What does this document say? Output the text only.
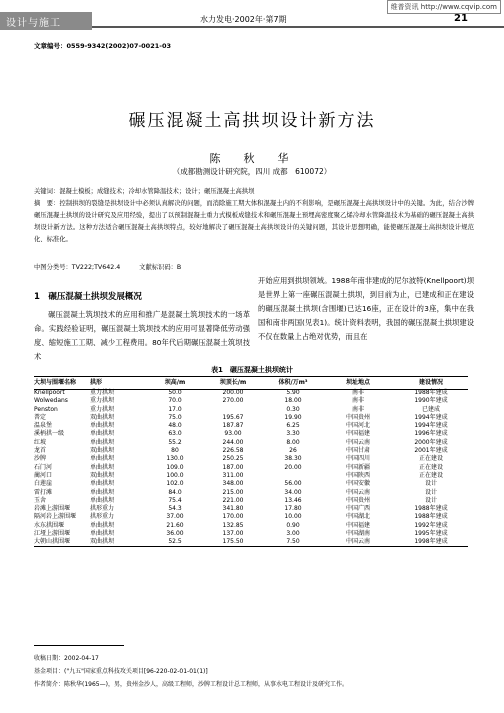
维普资讯 http://www.cqvip.com
设计与施工	水力发电·2002年·第7期	21
文章编号：0559-9342(2002)07-0021-03
碾压混凝土高拱坝设计新方法
陈　秋　华
（成都勘测设计研究院，四川 成都　610072）
关键词：混凝土模板；成缝技术；冷却水管降温技术；设计；碾压混凝土高拱坝
摘　要：控制拱坝的裂缝是拱坝设计中必须认真解决的问题，而消除施工期大体积混凝土内的不利影响，是碾压混凝土高拱坝设计中的关键。为此，结合沙牌碾压混凝土拱坝的设计研究及应用经验，提出了以预制混凝土重力式模板成缝技术和碾压混凝土预埋高密度聚乙烯冷却水管降温技术为基础的碾压混凝土高拱坝设计新方法。这种方法适合碾压混凝土高拱坝特点，较好地解决了碾压混凝土高拱坝设计的关键问题，其设计思想明确，能使碾压混凝土高拱坝设计规范化、标准化。
中图分类号：TV222;TV642.4　　　文献标识码：B
1　碾压混凝土拱坝发展概况
碾压混凝土筑坝技术的应用和推广是混凝土筑坝技术的一场革命。实践经验证明，碾压混凝土筑坝技术的应用可显著降低劳动强度、缩短施工工期、减少工程费用。80年代后期碾压混凝土筑坝技术
开始应用到拱坝领域。1988年南非建成的尼尔波特(Knellpoort)坝是世界上第一座碾压混凝土拱坝，到目前为止，已建成和正在建设的碾压混凝土拱坝(含围堰)已达16座，正在设计的3座，集中在我国和南非两国(见表1)。统计资料表明，我国的碾压混凝土拱坝建设不仅在数量上占绝对优势，而且在
表1　碾压混凝土拱坝统计
大坝与围堰名称	拱形	坝高/m	坝顶长/m	体积/万m³	坝址地点	建设情况
Knellpoort	重力拱坝	50.0	200.00	5.90	南非	1988年建成
Wolwedans	重力拱坝	70.0	270.00	18.00	南非	1990年建成
Penston	重力拱坝	17.0		0.30	南非	已建成
普定	双曲拱坝	75.0	195.67	19.90	中国贵州	1994年建成
温泉堡	单曲拱坝	48.0	187.87	6.25	中国河北	1994年建成
溪柄拱一级	单曲拱坝	63.0	93.00	3.30	中国福建	1996年建成
红坡	单曲拱坝	55.2	244.00	8.00	中国云南	2000年建成
龙首	双曲拱坝	80	226.58	26	中国甘肃	2001年建成
沙牌	单曲拱坝	130.0	250.25	38.30	中国四川	正在建设
石门河	单曲拱坝	109.0	187.00	20.00	中国新疆	正在建设
蔺河口	双曲拱坝	100.0	311.00		中国陕西	正在建设
白莲崖	单曲拱坝	102.0	348.00	56.00	中国安徽	设计
雷打滩	单曲拱坝	84.0	215.00	34.00	中国云南	设计
玉舍	单曲拱坝	75.4	221.00	13.46	中国贵州	设计
岩滩上游围堰	拱形重力	54.3	341.80	17.80	中国广西	1988年建成
隔河岩上游围堰	拱形重力	37.00	170.00	10.00	中国湖北	1988年建成
水东拱围堰	单曲拱坝	21.60	132.85	0.90	中国福建	1992年建成
江垭上游围堰	单曲拱坝	36.00	137.00	3.00	中国湖南	1995年建成
大朝山拱围堰	双曲拱坝	52.5	175.50	7.50	中国云南	1998年建成
收稿日期：2002-04-17
基金项目：("九五"国家重点科技攻关项目[96-220-02-01-01(1)]
作者简介：陈秋华(1965—)，男，贵州金沙人，高级工程师，沙牌工程设计总工程师，从事水电工程设计及研究工作。
